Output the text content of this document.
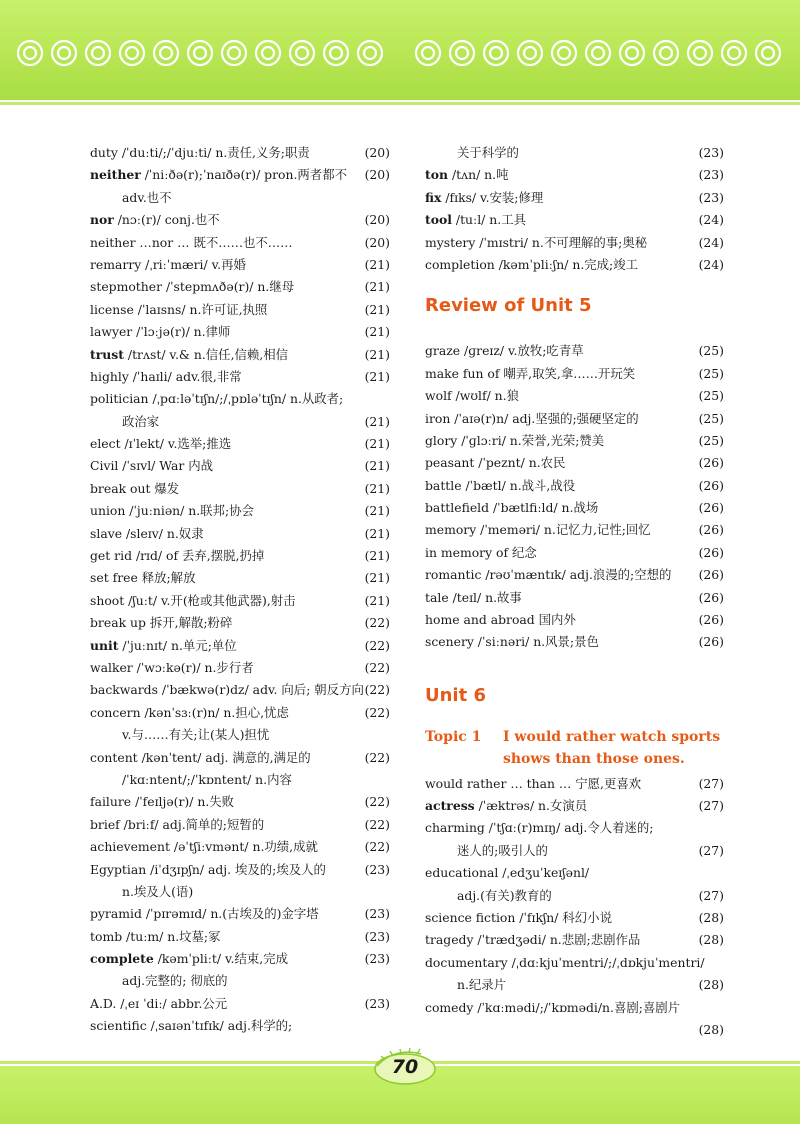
duty /ˈduːti/;/ˈdjuːti/ n.责任,义务;职责	(20)
neither /ˈniːðə(r);ˈnaɪðə(r)/ pron.两者都不 (20)
adv.也不
nor /nɔː(r)/ conj.也不	(20)
neither …nor … 既不……也不……	(20)
remarry /ˌriːˈmæri/ v.再婚	(21)
stepmother /ˈstepmʌðə(r)/ n.继母	(21)
license /ˈlaɪsns/ n.许可证,执照	(21)
lawyer /ˈlɔːjə(r)/ n.律师	(21)
trust /trʌst/ v.& n.信任,信赖,相信	(21)
highly /ˈhaɪli/ adv.很,非常	(21)
politician /ˌpɑːləˈtɪʃn/;/ˌpɒləˈtɪʃn/ n.从政者;
政治家	(21)
elect /ɪˈlekt/ v.选举;推选	(21)
Civil /ˈsɪvl/ War 内战	(21)
break out 爆发	(21)
union /ˈjuːniən/ n.联邦;协会	(21)
slave /sleɪv/ n.奴隶	(21)
get rid /rɪd/ of 丢弃,摆脱,扔掉	(21)
set free 释放;解放	(21)
shoot /ʃuːt/ v.开(枪或其他武器),射击	(21)
break up 拆开,解散;粉碎	(22)
unit /ˈjuːnɪt/ n.单元;单位	(22)
walker /ˈwɔːkə(r)/ n.步行者	(22)
backwards /ˈbækwə(r)dz/ adv. 向后; 朝反方向 (22)
concern /kənˈsɜː(r)n/ n.担心,忧虑	(22)
v.与……有关;让(某人)担忧
content /kənˈtent/ adj. 满意的,满足的	(22)
/ˈkɑːntent/;/ˈkɒntent/ n.内容
failure /ˈfeɪljə(r)/ n.失败	(22)
brief /briːf/ adj.简单的;短暂的	(22)
achievement /əˈtʃiːvmənt/ n.功绩,成就	(22)
Egyptian /iˈdʒɪpʃn/ adj. 埃及的;埃及人的	(23)
n.埃及人(语)
pyramid /ˈpɪrəmɪd/ n.(古埃及的)金字塔	(23)
tomb /tuːm/ n.坟墓;冢	(23)
complete /kəmˈpliːt/ v.结束,完成	(23)
adj.完整的; 彻底的
A.D. /ˌeɪ ˈdiː/ abbr.公元	(23)
scientific /ˌsaɪənˈtɪfɪk/ adj.科学的;
关于科学的	(23)
ton /tʌn/ n.吨	(23)
fix /fɪks/ v.安装;修理	(23)
tool /tuːl/ n.工具	(24)
mystery /ˈmɪstri/ n.不可理解的事;奥秘	(24)
completion /kəmˈpliːʃn/ n.完成;竣工	(24)
Review of Unit 5
graze /ɡreɪz/ v.放牧;吃青草	(25)
make fun of 嘲弄,取笑,拿……开玩笑	(25)
wolf /wʊlf/ n.狼	(25)
iron /ˈaɪə(r)n/ adj.坚强的;强硬坚定的	(25)
glory /ˈɡlɔːri/ n.荣誉,光荣;赞美	(25)
peasant /ˈpeznt/ n.农民	(26)
battle /ˈbætl/ n.战斗,战役	(26)
battlefield /ˈbætlfiːld/ n.战场	(26)
memory /ˈmeməri/ n.记忆力,记性;回忆	(26)
in memory of 纪念	(26)
romantic /rəʊˈmæntɪk/ adj.浪漫的;空想的 (26)
tale /teɪl/ n.故事	(26)
home and abroad 国内外	(26)
scenery /ˈsiːnəri/ n.风景;景色	(26)
Unit 6
Topic 1 I would rather watch sports
shows than those ones.
would rather … than … 宁愿,更喜欢	(27)
actress /ˈæktrəs/ n.女演员	(27)
charming /ˈtʃɑː(r)mɪŋ/ adj.令人着迷的;
迷人的;吸引人的	(27)
educational /ˌedʒuˈkeɪʃənl/
adj.(有关)教育的	(27)
science fiction /ˈfɪkʃn/ 科幻小说	(28)
tragedy /ˈtrædʒədi/ n.悲剧;悲剧作品	(28)
documentary /ˌdɑːkjuˈmentri/;/ˌdɒkjuˈmentri/
n.纪录片	(28)
comedy /ˈkɑːmədi/;/ˈkɒmədi/n.喜剧;喜剧片
(28)
70
